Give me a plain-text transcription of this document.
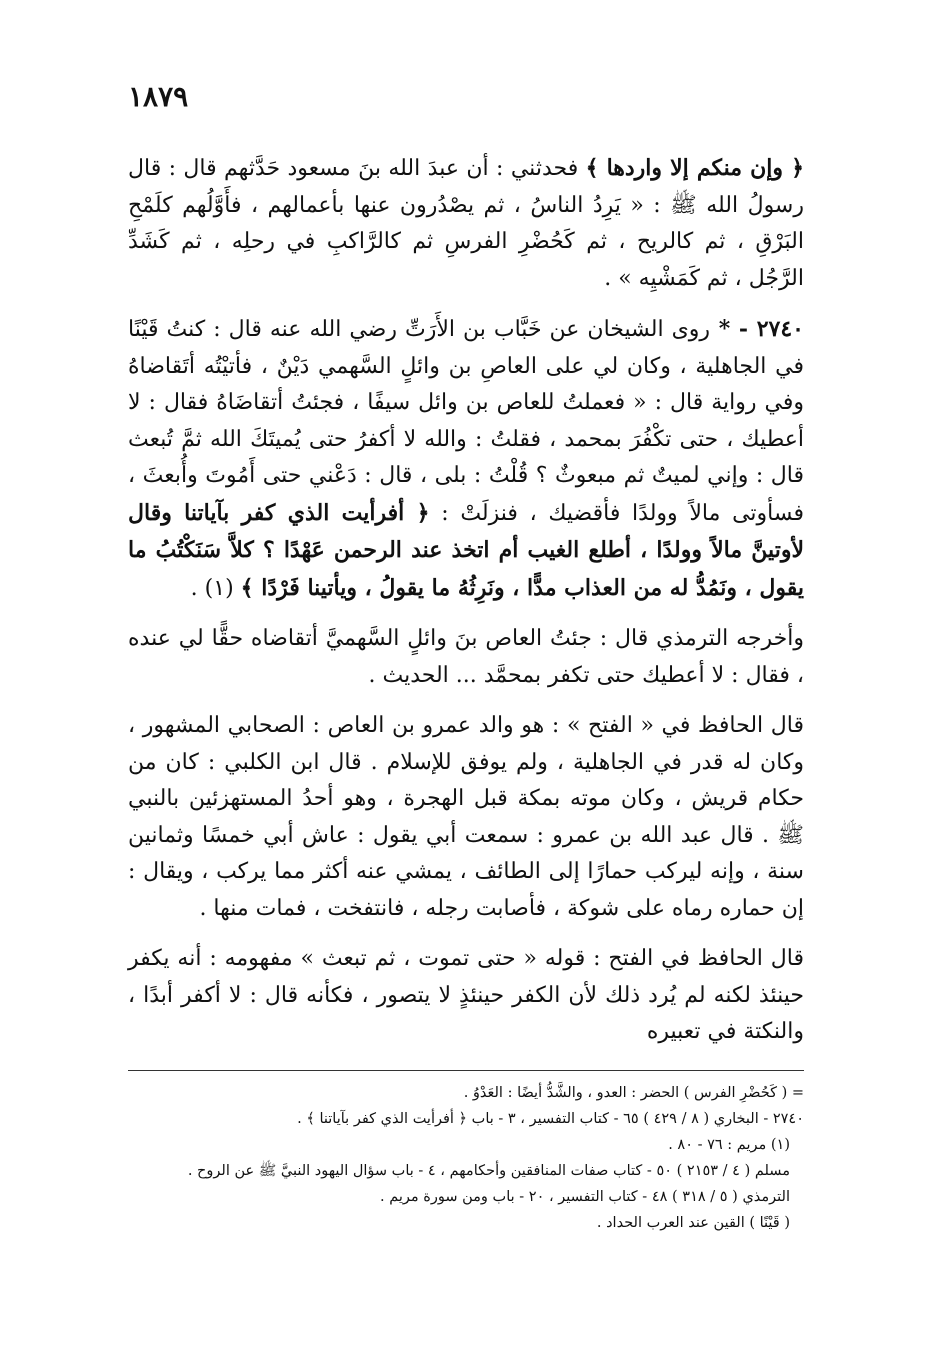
١٨٧٩

﴿ وإن منكم إلا واردها ﴾ فحدثني : أن عبدَ الله بنَ مسعود حَدَّثهم قال : قال رسولُ الله ﷺ : « يَرِدُ الناسُ ، ثم يصْدُرون عنها بأعمالهم ، فأَوَّلُهم كلَمْحِ البَرْقِ ، ثم كالريح ، ثم كَحُضْرِ الفرسِ ثم كالرَّاكبِ في رحلِه ، ثم كَشَدِّ الرَّجُل ، ثم كَمَشْيِه » .

٢٧٤٠ - * روى الشيخان عن خَبَّاب بن الأَرَتِّ رضي الله عنه قال : كنتُ قَيْنًا في الجاهلية ، وكان لي على العاصِ بن وائلٍ السَّهمي دَيْنٌ ، فأتيْتُه أتَقاضاهُ وفي رواية قال : « فعملتُ للعاص بن وائل سيفًا ، فجئتُ أتقاضَاهُ فقال : لا أعطيك ، حتى تكْفُرَ بمحمد ، فقلتُ : والله لا أكفرُ حتى يُميتَكَ الله ثمَّ تُبعث قال : وإني لميتٌ ثم مبعوثٌ ؟ قُلْتُ : بلى ، قال : دَعْني حتى أَمُوتَ وأُبعثَ ، فسأوتى مالاً وولدًا فأقضيك ، فنزلَتْ : ﴿ أفرأيت الذي كفر بآياتنا وقال لأوتينَّ مالاً وولدًا ، أطلع الغيب أم اتخذ عند الرحمن عَهْدًا ؟ كلاَّ سَنَكْتُبُ ما يقول ، ونَمُدُّ له من العذاب مدًّا ، ونَرِثُهُ ما يقولُ ، ويأتينا فَرْدًا ﴾ (١) .

وأخرجه الترمذي قال : جئتُ العاص بنَ وائلٍ السَّهميَّ أتقاضاه حقًّا لي عنده ، فقال : لا أعطيك حتى تكفر بمحمَّد ... الحديث .

قال الحافظ في « الفتح » : هو والد عمرو بن العاص : الصحابي المشهور ، وكان له قدر في الجاهلية ، ولم يوفق للإسلام . قال ابن الكلبي : كان من حكام قريش ، وكان موته بمكة قبل الهجرة ، وهو أحدُ المستهزئين بالنبي ﷺ . قال عبد الله بن عمرو : سمعت أبي يقول : عاش أبي خمسًا وثمانين سنة ، وإنه ليركب حمارًا إلى الطائف ، يمشي عنه أكثر مما يركب ، ويقال : إن حماره رماه على شوكة ، فأصابت رجله ، فانتفخت ، فمات منها .

قال الحافظ في الفتح : قوله « حتى تموت ، ثم تبعث » مفهومه : أنه يكفر حينئذ لكنه لم يُرد ذلك لأن الكفر حينئذٍ لا يتصور ، فكأنه قال : لا أكفر أبدًا ، والنكتة في تعبيره

= ( كَحُضْرِ الفرس ) الحضر : العدو ، والشَّدُّ أيضًا : العَدْوُ .

٢٧٤٠ - البخاري ( ٨ / ٤٢٩ ) ٦٥ - كتاب التفسير ، ٣ - باب ﴿ أفرأيت الذي كفر بآياتنا ﴾ .

(١) مريم : ٧٦ - ٨٠ .

مسلم ( ٤ / ٢١٥٣ ) ٥٠ - كتاب صفات المنافقين وأحكامهم ، ٤ - باب سؤال اليهود النبيَّ ﷺ عن الروح .

الترمذي ( ٥ / ٣١٨ ) ٤٨ - كتاب التفسير ، ٢٠ - باب ومن سورة مريم .

( قَيْنًا ) القين عند العرب الحداد .
